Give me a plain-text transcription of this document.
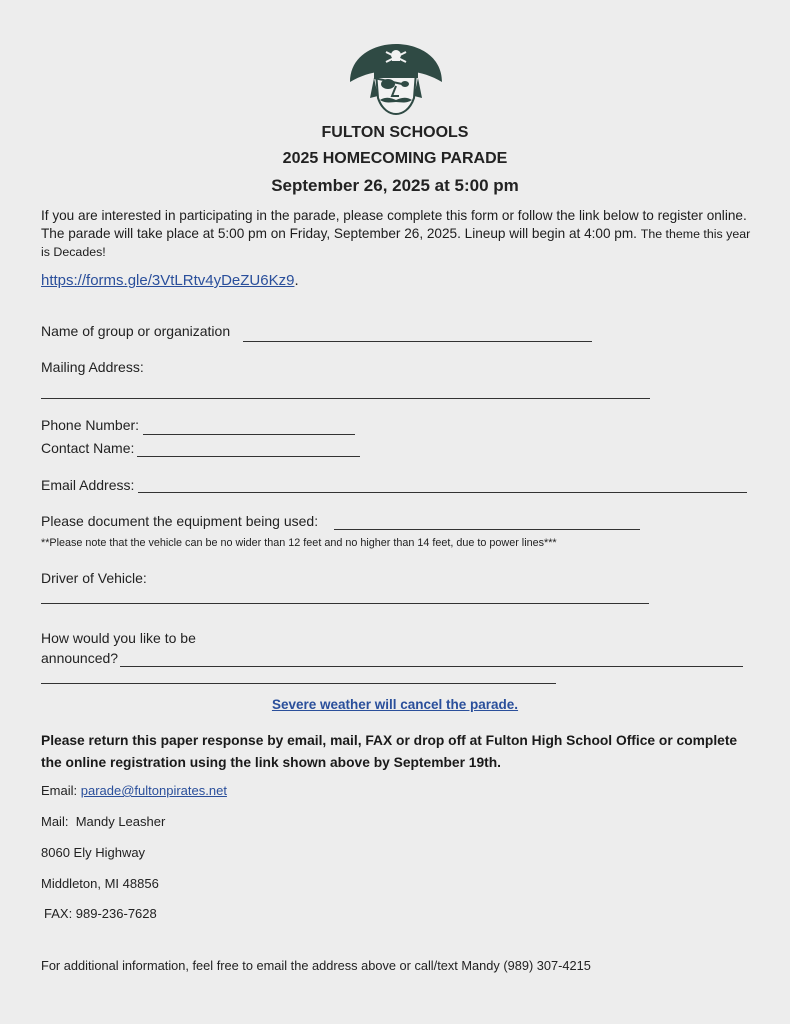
FULTON SCHOOLS
2025 HOMECOMING PARADE
September 26, 2025 at 5:00 pm
If you are interested in participating in the parade, please complete this form or follow the link below to register online. The parade will take place at 5:00 pm on Friday, September 26, 2025. Lineup will begin at 4:00 pm. The theme this year is Decades!
https://forms.gle/3VtLRtv4yDeZU6Kz9.
Name of group or organization
Mailing Address:
Phone Number:
Contact Name:
Email Address:
Please document the equipment being used:
**Please note that the vehicle can be no wider than 12 feet and no higher than 14 feet, due to power lines***
Driver of Vehicle:
How would you like to be
announced?
Severe weather will cancel the parade.
Please return this paper response by email, mail, FAX or drop off at Fulton High School Office or complete the online registration using the link shown above by September 19th.
Email: parade@fultonpirates.net
Mail: Mandy Leasher
8060 Ely Highway
Middleton, MI 48856
FAX: 989-236-7628
For additional information, feel free to email the address above or call/text Mandy (989) 307-4215
